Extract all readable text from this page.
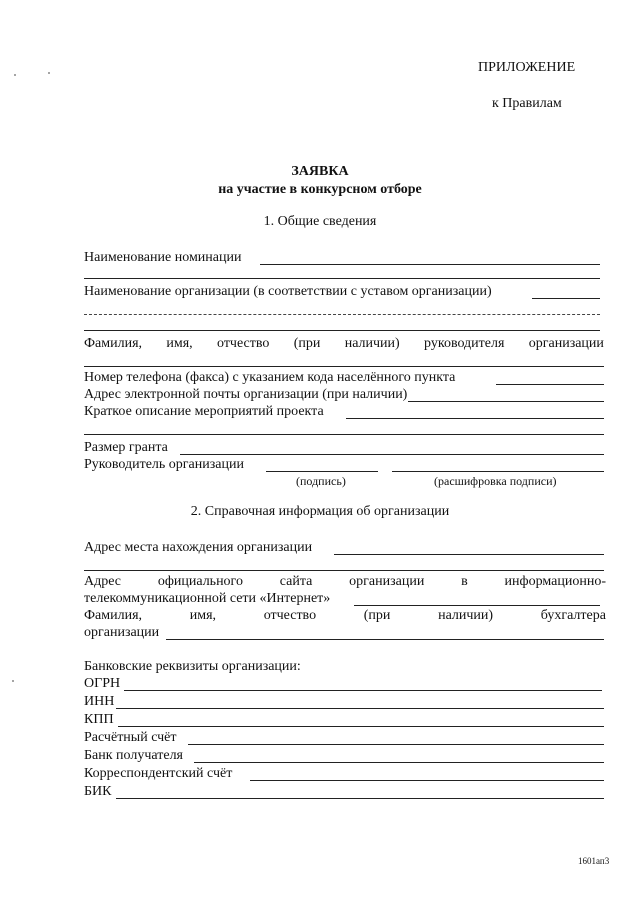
ПРИЛОЖЕНИЕ
к Правилам
ЗАЯВКА
на участие в конкурсном отборе
1. Общие сведения
Наименование номинации
Наименование организации (в соответствии с уставом организации)
Фамилия, имя, отчество (при наличии) руководителя организации
Номер телефона (факса) с указанием кода населённого пункта
Адрес электронной почты организации (при наличии)
Краткое описание мероприятий проекта
Размер гранта
Руководитель организации
(подпись)	(расшифровка подписи)
2. Справочная информация об организации
Адрес места нахождения организации
Адрес	официального	сайта	организации	в	информационно-
телекоммуникационной сети «Интернет»
Фамилия,	имя,	отчество	(при	наличии)	бухгалтера
организации
Банковские реквизиты организации:
ОГРН
ИНН
КПП
Расчётный счёт
Банк получателя
Корреспондентский счёт
БИК
1601ап3
